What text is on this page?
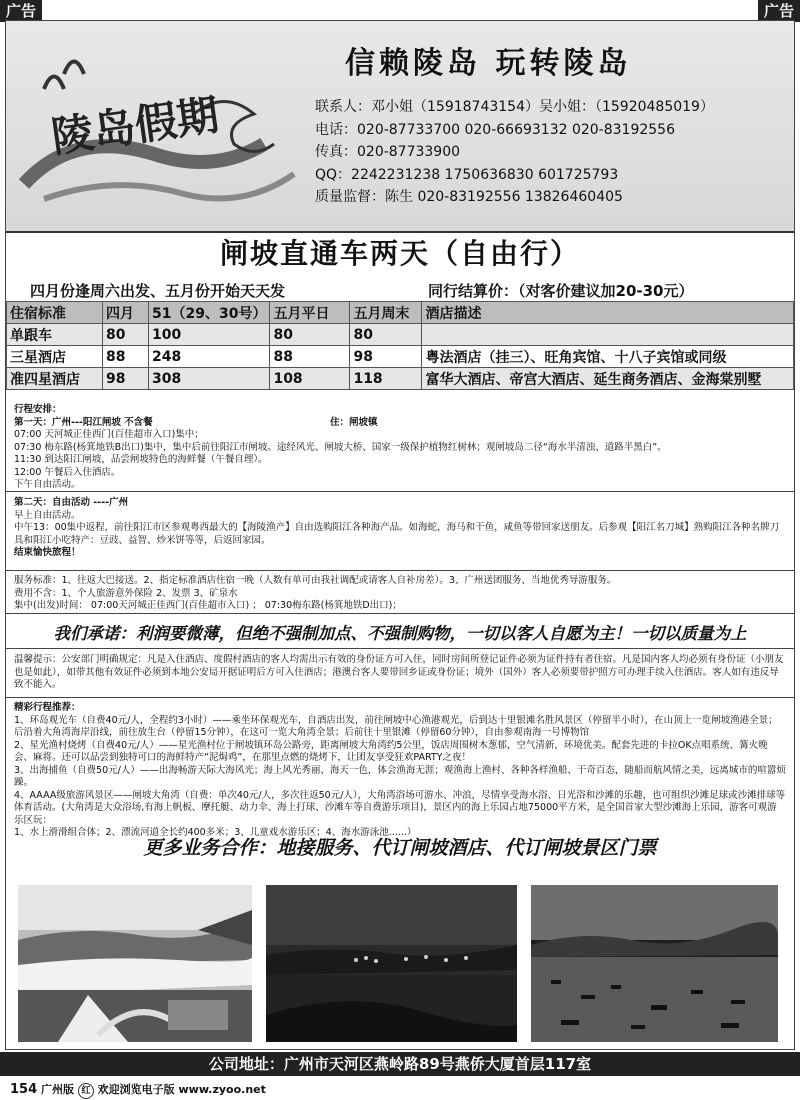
广告	广告
陵岛假期
信赖陵岛 玩转陵岛
联系人：邓小姐（15918743154）吴小姐：（15920485019）
电话：020-87733700 020-66693132 020-83192556
传真：020-87733900
QQ：2242231238 1750636830 601725793
质量监督：陈生 020-83192556 13826460405
闸坡直通车两天（自由行）
四月份逢周六出发、五月份开始天天发	同行结算价：（对客价建议加20-30元）
住宿标准	四月	51（29、30号）	五月平日	五月周末	酒店描述
单跟车	80	100	80	80	
三星酒店	88	248	88	98	粤法酒店（挂三）、旺角宾馆、十八子宾馆或同级
准四星酒店	98	308	108	118	富华大酒店、帝宫大酒店、延生商务酒店、金海棠别墅

行程安排：

第一天：广州---阳江闸坡 不含餐	住：闸坡镇

07:00 天河城正佳西门(百佳超市入口)集中；

07:30 梅东路(杨箕地铁B出口)集中，集中后前往阳江市闸坡。途经风光、闸坡大桥、国家一级保护植物红树林；观闸坡岛二径“海水半清浊、道路半黑白”。

11:30 到达阳江闸坡，品尝闸坡特色的海鲜餐（午餐自理）。

12:00 午餐后入住酒店。

下午自由活动。

第二天：自由活动 ----广州

早上自由活动。

中午13：00集中返程，前往阳江市区参观粤西最大的【海陵渔产】自由选购阳江各种海产品。如海蛇，海马和干鱼，咸鱼等带回家送朋友。后参观【阳江名刀城】熟购阳江各种名牌刀具和阳江小吃特产：豆豉、益智、炒米饼等等，后返回家园。

结束愉快旅程！

服务标准：1、往返大巴接送。2、指定标准酒店住宿一晚（人数有单可由我社调配或请客人自补房差）。3、广州送团服务、当地优秀导游服务。

费用不含：1、个人旅游意外保险 2、发票 3、矿泉水

集中(出发)时间： 07:00天河城正佳西门(百佳超市入口) ； 07:30梅东路(杨箕地铁D出口)；

我们承诺：利润要微薄，但绝不强制加点、不强制购物，一切以客人自愿为主！一切以质量为上

温馨提示：公安部门明确规定：凡是入住酒店、度假村酒店的客人均需出示有效的身份证方可入住，同时房间所登记证件必须为证件持有者住宿。凡是国内客人均必须有身份证（小朋友也是如此），如带其他有效证件必须到本地公安局开据证明后方可入住酒店；港澳台客人要带回乡证或身份证；境外（国外）客人必须要带护照方可办理手续入住酒店。客人如有违反导致不能入。

精彩行程推荐：

1、环岛观光车（自费40元/人，全程约3小时）——乘坐环保观光车，自酒店出发，前往闸坡中心渔港观光，后到达十里银滩名胜风景区（停留半小时），在山顶上一览闸坡渔港全景；后沿着大角湾海岸沿线，前往放生台（停留15分钟），在这可一览大角湾全景；后前往十里银滩（停留60分钟），自由参观南海一号博物馆

2、星光渔村烧烤（自费40元/人）——星光渔村位于闸坡镇环岛公路旁，距离闸坡大角湾约5公里，饭店周围树木葱郁，空气清新，环境优美。配套先进的卡拉OK点唱系统、篝火晚会、麻将。还可以品尝到独特可口的海鲜特产“泥焗鸡”，在那里点燃的烧烤下，让团友享受狂欢PARTY之夜！

3、出海捕鱼（自费50元/人）——出海畅游天际大海风光；海上风光秀丽、海天一色，体会渔海无涯；观渔海上渔村、各种各样渔船、干奇百态，随船而航风情之美，远离城市的喧嚣烦躁。

4、AAAA级旅游风景区——闸坡大角湾（自费：单次40元/人，多次往返50元/人），大角湾浴场可游水、冲浪，尽情享受海水浴、日光浴和沙滩的乐趣，也可组织沙滩足球或沙滩排球等体育活动。(大角湾是大众浴场,有海上帆板、摩托艇、动力伞、海上打球、沙滩车等自费游乐项目)，景区内的海上乐园占地75000平方米，是全国首家大型沙滩海上乐园，游客可观游乐区玩：

1、水上滑滑组合体；2、漂流河道全长约400多米；3、儿童戏水游乐区；4、海水游泳池......）

更多业务合作：地接服务、代订闸坡酒店、代订闸坡景区门票
公司地址：广州市天河区燕岭路89号燕侨大厦首层117室
154 广州版 红 欢迎浏览电子版 www.zyoo.net
